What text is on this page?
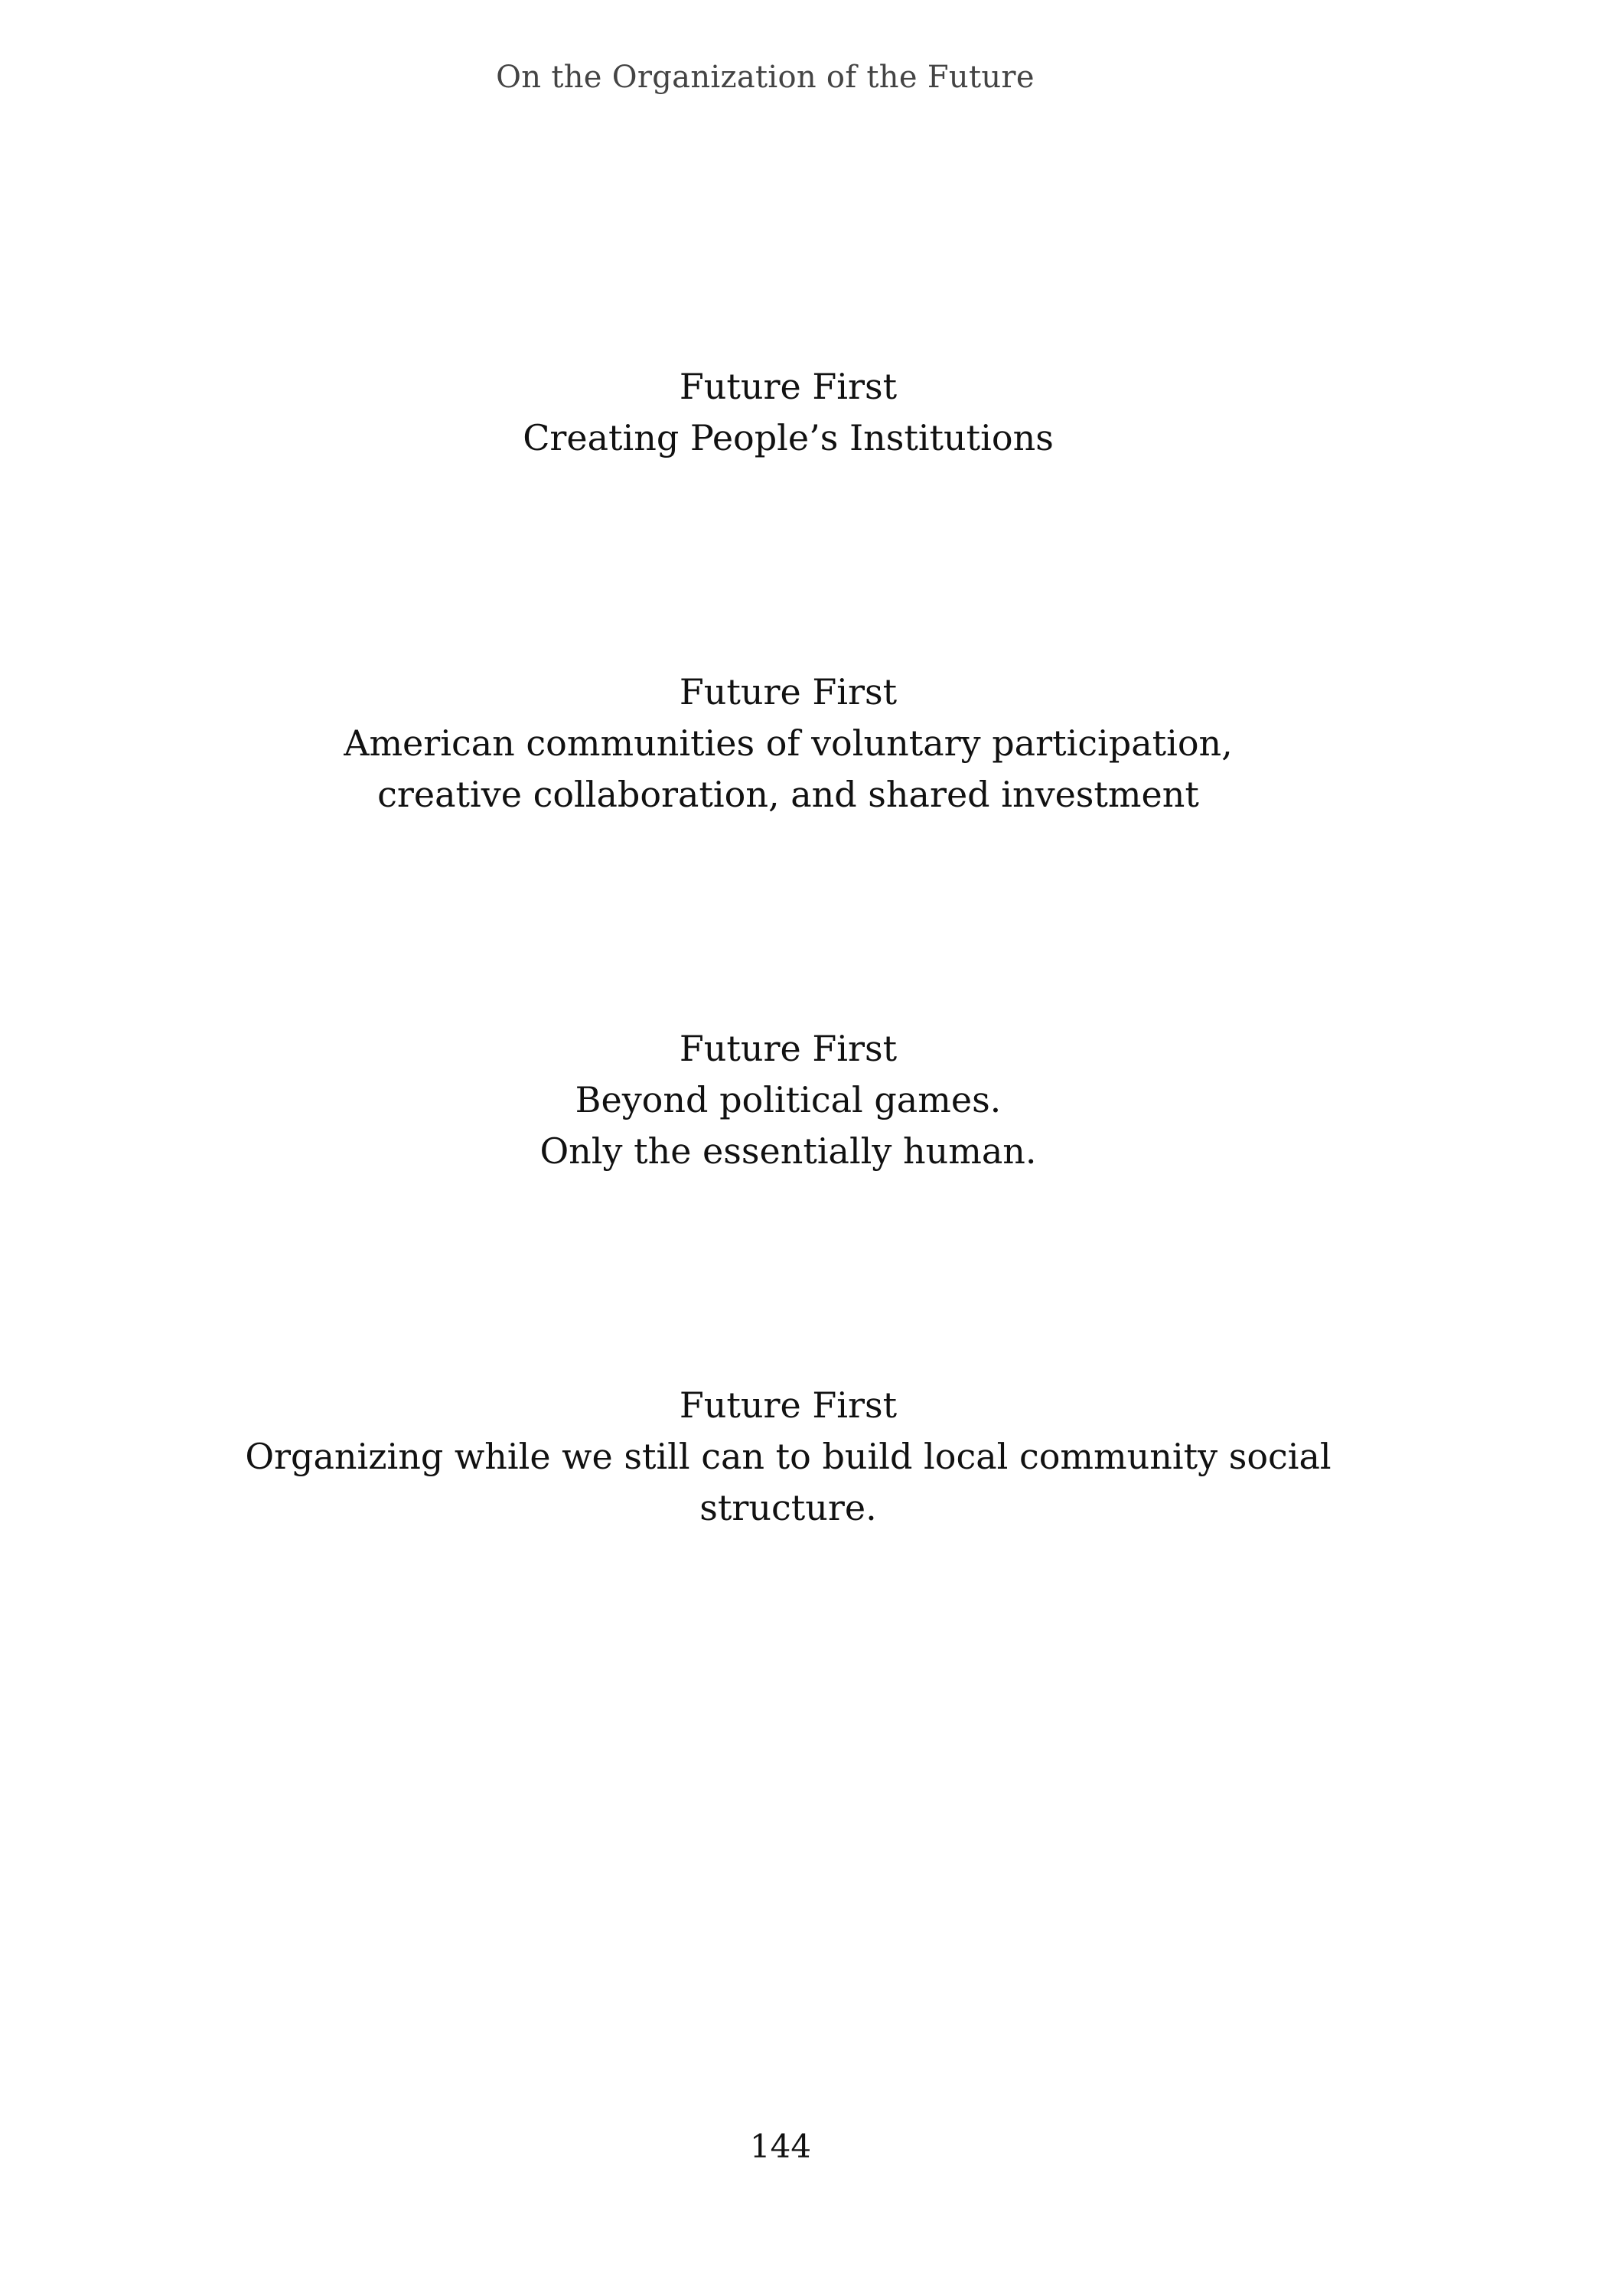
On the Organization of the Future
Future First
Creating People’s Institutions
Future First
American communities of voluntary participation,
creative collaboration, and shared investment
Future First
Beyond political games.
Only the essentially human.
Future First
Organizing while we still can to build local community social structure.
144
